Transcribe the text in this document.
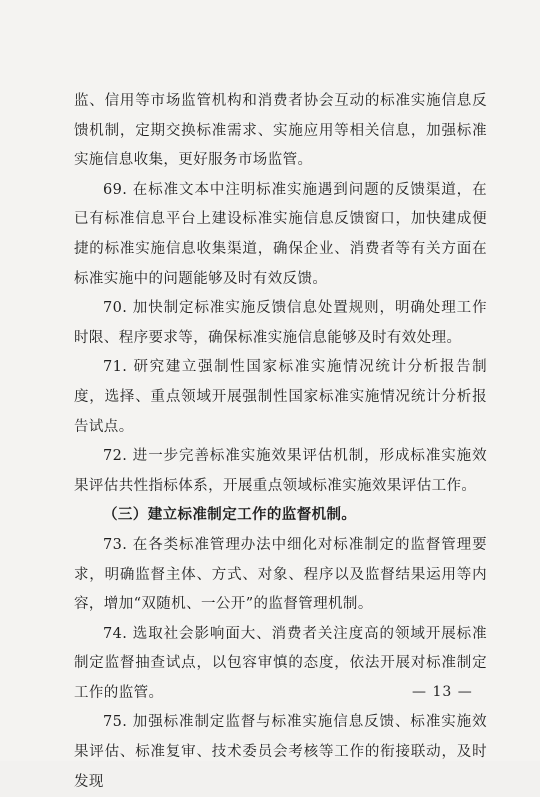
监、信用等市场监管机构和消费者协会互动的标准实施信息反馈机制，定期交换标准需求、实施应用等相关信息，加强标准实施信息收集，更好服务市场监管。

69. 在标准文本中注明标准实施遇到问题的反馈渠道，在已有标准信息平台上建设标准实施信息反馈窗口，加快建成便捷的标准实施信息收集渠道，确保企业、消费者等有关方面在标准实施中的问题能够及时有效反馈。

70. 加快制定标准实施反馈信息处置规则，明确处理工作时限、程序要求等，确保标准实施信息能够及时有效处理。

71. 研究建立强制性国家标准实施情况统计分析报告制度，选择、重点领域开展强制性国家标准实施情况统计分析报告试点。

72. 进一步完善标准实施效果评估机制，形成标准实施效果评估共性指标体系，开展重点领域标准实施效果评估工作。

（三）建立标准制定工作的监督机制。

73. 在各类标准管理办法中细化对标准制定的监督管理要求，明确监督主体、方式、对象、程序以及监督结果运用等内容，增加“双随机、一公开”的监督管理机制。

74. 选取社会影响面大、消费者关注度高的领域开展标准制定监督抽查试点，以包容审慎的态度，依法开展对标准制定工作的监管。

75. 加强标准制定监督与标准实施信息反馈、标准实施效果评估、标准复审、技术委员会考核等工作的衔接联动，及时发现

— 13 —
